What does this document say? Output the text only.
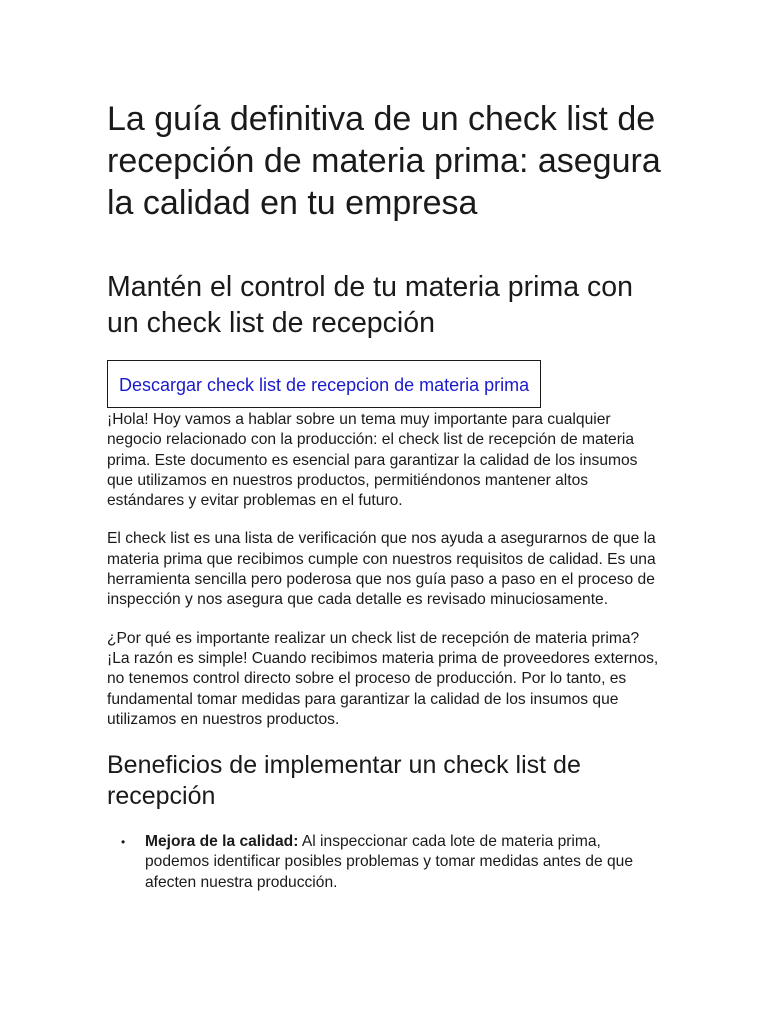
La guía definitiva de un check list de recepción de materia prima: asegura la calidad en tu empresa
Mantén el control de tu materia prima con un check list de recepción
Descargar check list de recepcion de materia prima

¡Hola! Hoy vamos a hablar sobre un tema muy importante para cualquier negocio relacionado con la producción: el check list de recepción de materia prima. Este documento es esencial para garantizar la calidad de los insumos que utilizamos en nuestros productos, permitiéndonos mantener altos estándares y evitar problemas en el futuro.

El check list es una lista de verificación que nos ayuda a asegurarnos de que la materia prima que recibimos cumple con nuestros requisitos de calidad. Es una herramienta sencilla pero poderosa que nos guía paso a paso en el proceso de inspección y nos asegura que cada detalle es revisado minuciosamente.

¿Por qué es importante realizar un check list de recepción de materia prima? ¡La razón es simple! Cuando recibimos materia prima de proveedores externos, no tenemos control directo sobre el proceso de producción. Por lo tanto, es fundamental tomar medidas para garantizar la calidad de los insumos que utilizamos en nuestros productos.

Beneficios de implementar un check list de recepción
• Mejora de la calidad: Al inspeccionar cada lote de materia prima, podemos identificar posibles problemas y tomar medidas antes de que afecten nuestra producción.
